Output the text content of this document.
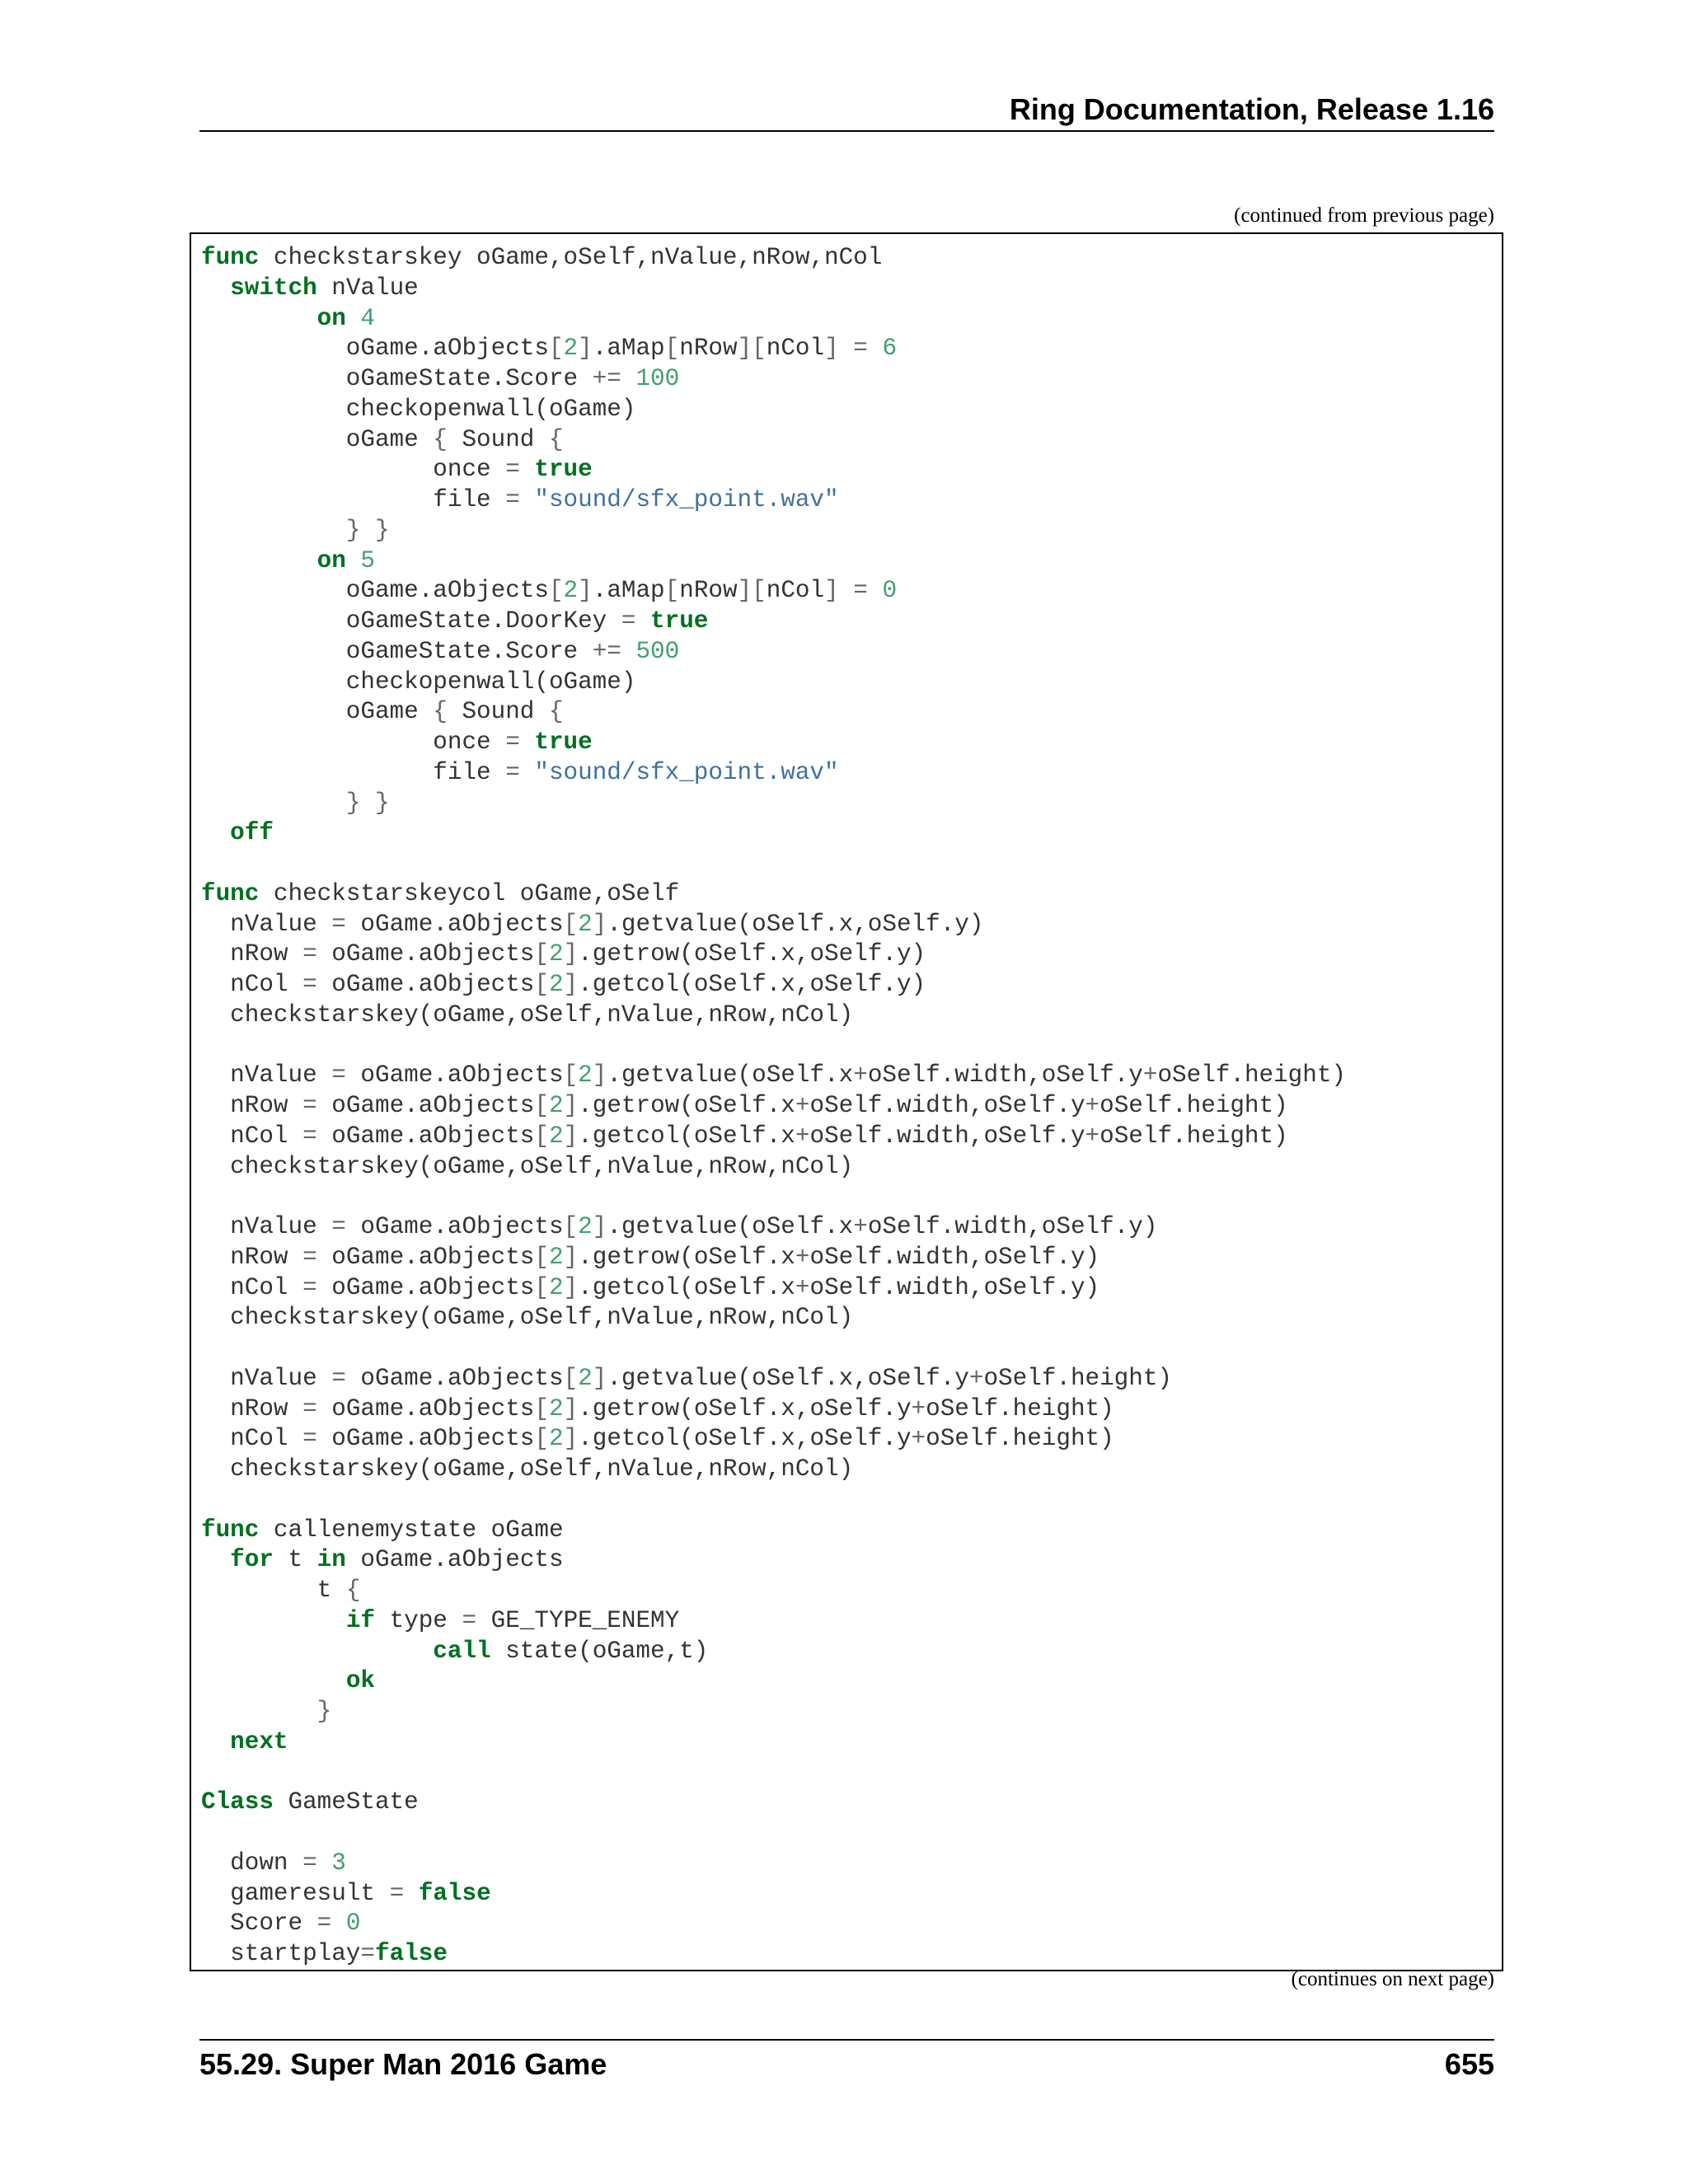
Ring Documentation, Release 1.16
(continued from previous page)
func checkstarskey oGame,oSelf,nValue,nRow,nCol
switch nValue
on 4
oGame.aObjects[2].aMap[nRow][nCol] = 6
oGameState.Score += 100
checkopenwall(oGame)
oGame { Sound {
once = true
file = "sound/sfx_point.wav"
} }
on 5
oGame.aObjects[2].aMap[nRow][nCol] = 0
oGameState.DoorKey = true
oGameState.Score += 500
checkopenwall(oGame)
oGame { Sound {
once = true
file = "sound/sfx_point.wav"
} }
off
func checkstarskeycol oGame,oSelf
nValue = oGame.aObjects[2].getvalue(oSelf.x,oSelf.y)
nRow = oGame.aObjects[2].getrow(oSelf.x,oSelf.y)
nCol = oGame.aObjects[2].getcol(oSelf.x,oSelf.y)
checkstarskey(oGame,oSelf,nValue,nRow,nCol)
nValue = oGame.aObjects[2].getvalue(oSelf.x+oSelf.width,oSelf.y+oSelf.height)
nRow = oGame.aObjects[2].getrow(oSelf.x+oSelf.width,oSelf.y+oSelf.height)
nCol = oGame.aObjects[2].getcol(oSelf.x+oSelf.width,oSelf.y+oSelf.height)
checkstarskey(oGame,oSelf,nValue,nRow,nCol)
nValue = oGame.aObjects[2].getvalue(oSelf.x+oSelf.width,oSelf.y)
nRow = oGame.aObjects[2].getrow(oSelf.x+oSelf.width,oSelf.y)
nCol = oGame.aObjects[2].getcol(oSelf.x+oSelf.width,oSelf.y)
checkstarskey(oGame,oSelf,nValue,nRow,nCol)
nValue = oGame.aObjects[2].getvalue(oSelf.x,oSelf.y+oSelf.height)
nRow = oGame.aObjects[2].getrow(oSelf.x,oSelf.y+oSelf.height)
nCol = oGame.aObjects[2].getcol(oSelf.x,oSelf.y+oSelf.height)
checkstarskey(oGame,oSelf,nValue,nRow,nCol)
func callenemystate oGame
for t in oGame.aObjects
t {
if type = GE_TYPE_ENEMY
call state(oGame,t)
ok
}
next
Class GameState
down = 3
gameresult = false
Score = 0
startplay=false
(continues on next page)
55.29. Super Man 2016 Game	655
